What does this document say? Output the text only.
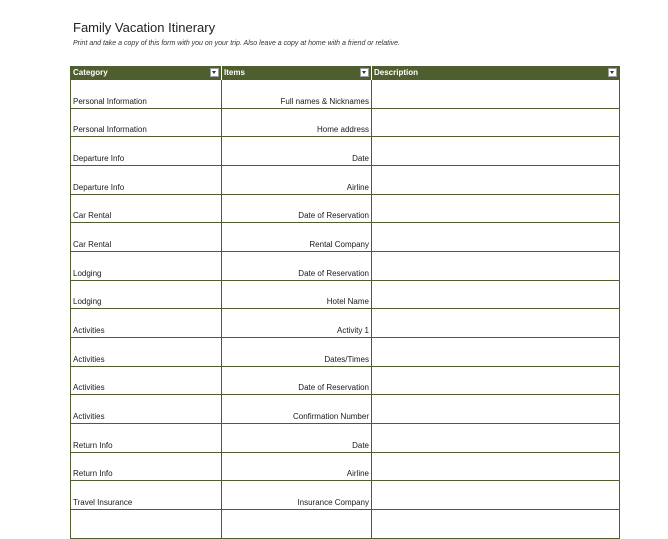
Family Vacation Itinerary
Print and take a copy of this form with you on your trip. Also leave a copy at home with a friend or relative.
Category	Items	Description
Personal Information	Full names & Nicknames
Personal Information	Home address
Departure Info	Date
Departure Info	Airline
Car Rental	Date of Reservation
Car Rental	Rental Company
Lodging	Date of Reservation
Lodging	Hotel Name
Activities	Activity 1
Activities	Dates/Times
Activities	Date of Reservation
Activities	Confirmation Number
Return Info	Date
Return Info	Airline
Travel Insurance	Insurance Company
